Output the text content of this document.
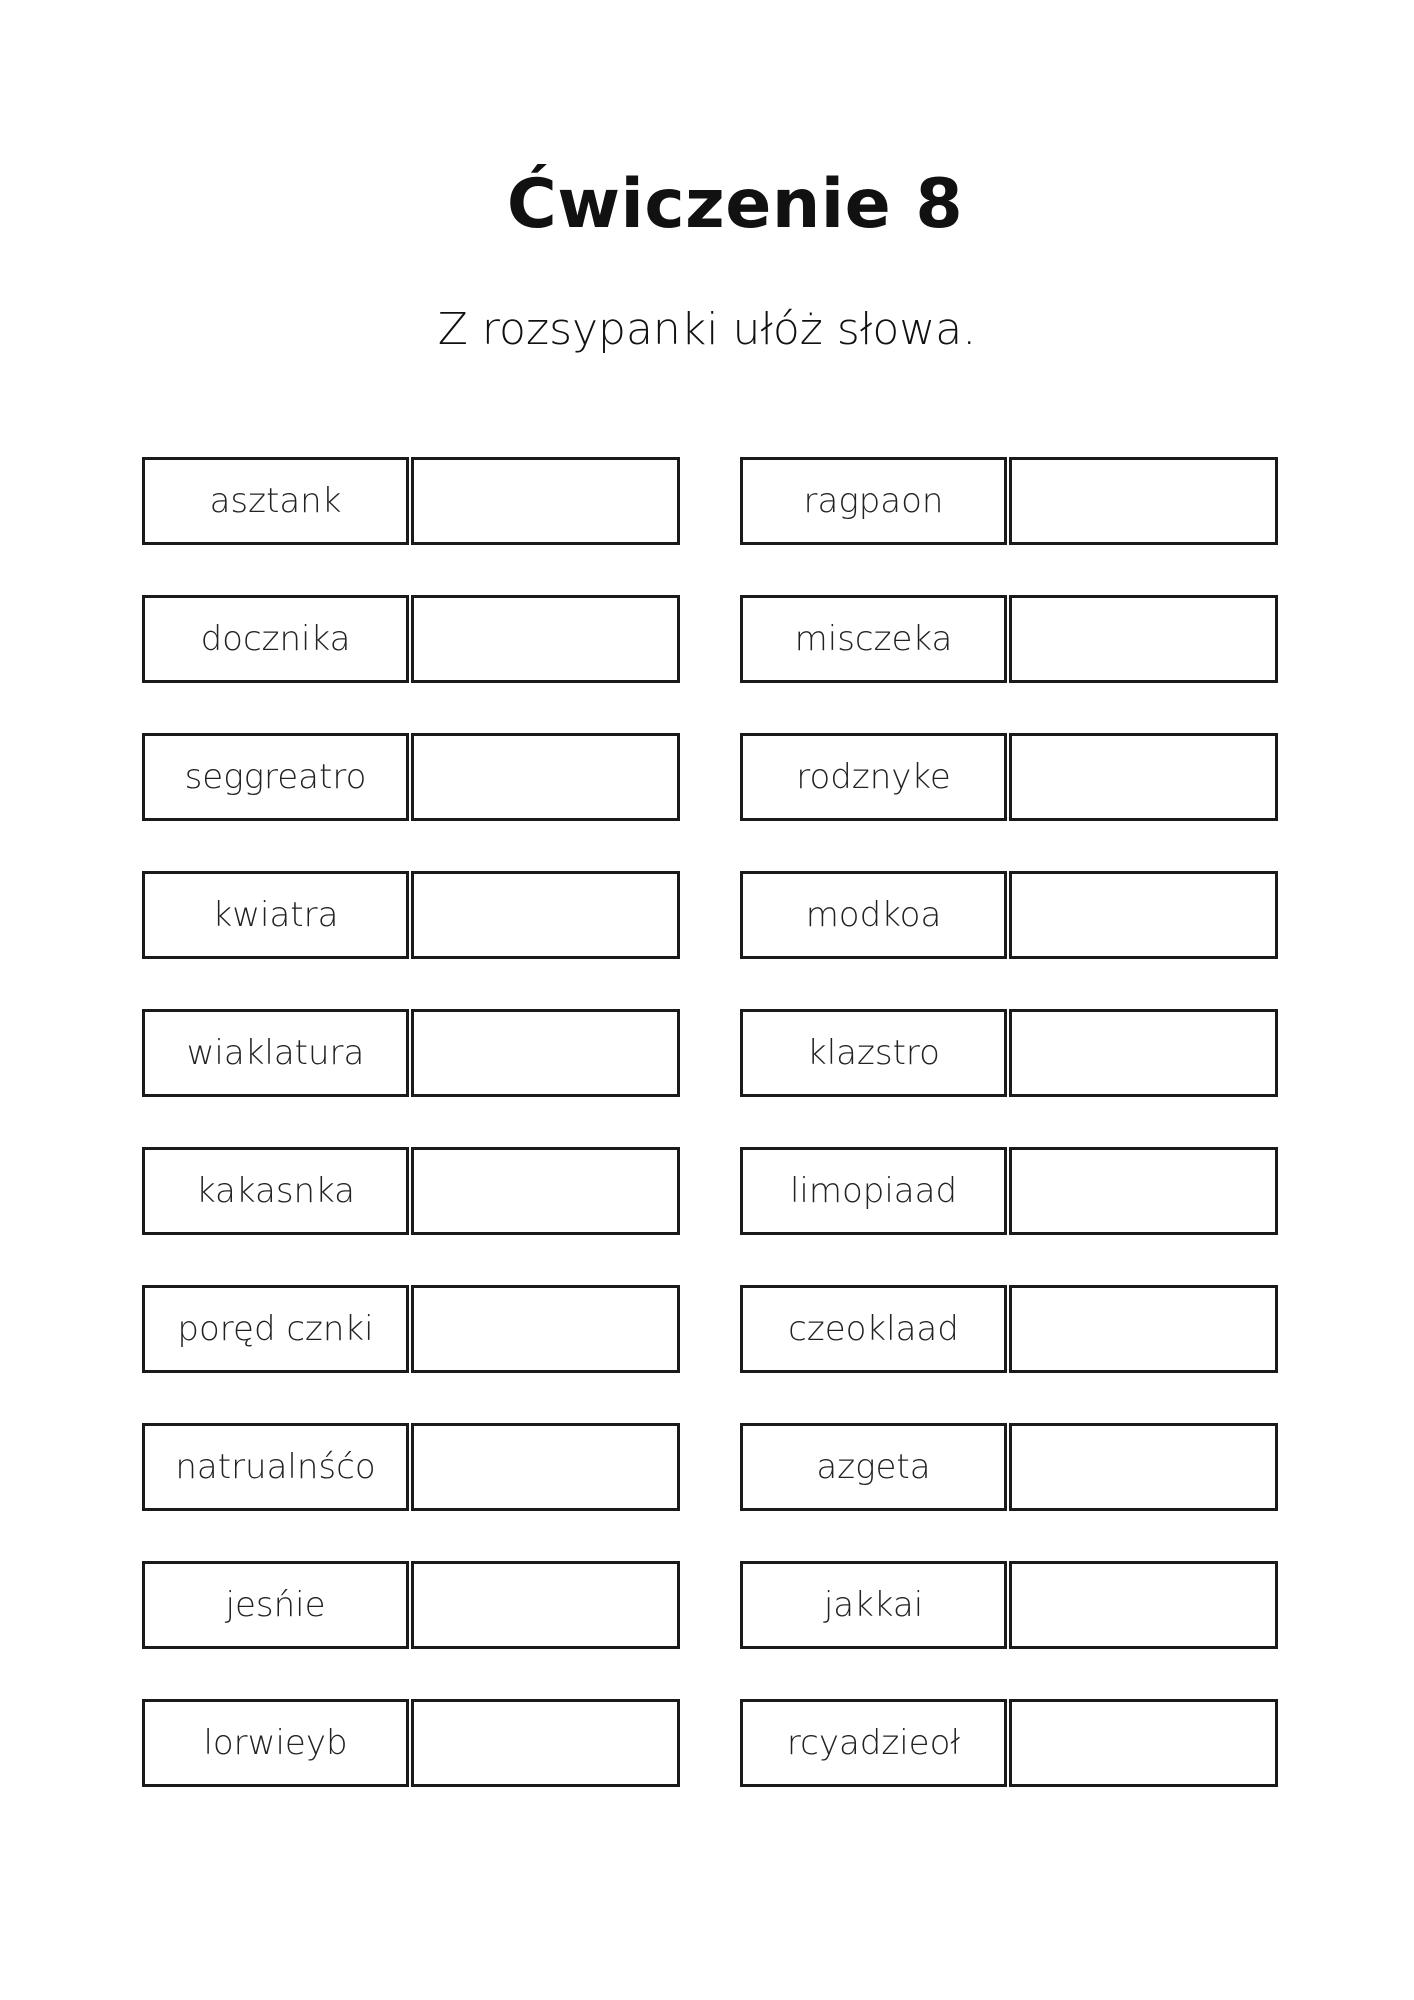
Ćwiczenie 8
Z rozsypanki ułóż słowa.
asztank
docznika
seggreatro
kwiatra
wiaklatura
kakasnka
poręd cznki
natrualnśćo
jesńie
lorwieyb
ragpaon
misczeka
rodznyke
modkoa
klazstro
limopiaad
czeoklaad
azgeta
jakkai
rcyadzieoł
